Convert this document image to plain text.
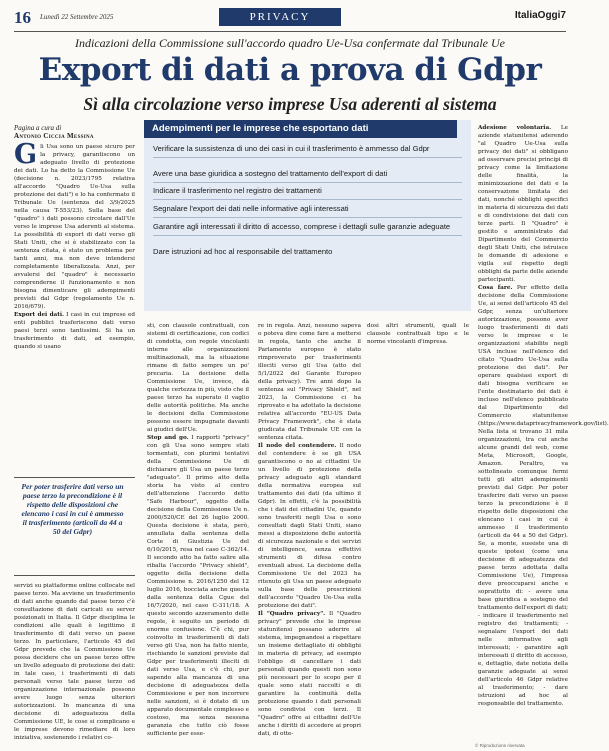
16 Lunedì 22 Settembre 2025	PRIVACY	ItaliaOggi7
Indicazioni della Commissione sull'accordo quadro Ue-Usa confermate dal Tribunale Ue
Export di dati a prova di Gdpr
Sì alla circolazione verso imprese Usa aderenti al sistema
Pagina a cura di
Antonio Ciccia Messina

Gli Usa sono un paese sicuro per la privacy, garantiscono un adeguato livello di protezione dei dati. Lo ha detto la Commissione Ue (decisione n. 2023/1795 relativa all'accordo "Quadro Ue-Usa sulla protezione dei dati") e lo ha confermato il Tribunale Ue (sentenza del 3/9/2025 nella causa T-553/23). Sulla base del "quadro" i dati possono circolare dall'Ue verso le imprese Usa aderenti al sistema. La possibilità di export di dati verso gli Stati Uniti, che si è stabilizzato con la sentenza citata, è stato un problema per tanti anni, ma non deve intendersi completamente liberalizzata. Anzi, per avvalersi del "quadro" è necessario comprenderne il funzionamento e non bisogna dimenticare gli adempimenti previsti dal Gdpr (regolamento Ue n. 2016/679).

Export dei dati. I casi in cui imprese ed enti pubblici trasferiscono dati verso paesi terzi sono tantissimi. Si ha un trasferimento di dati, ad esempio, quando si usano

Per poter trasferire dati verso un paese terzo la precondizione è il rispetto delle disposizioni che elencano i casi in cui è ammesso il trasferimento (articoli da 44 a 50 del Gdpr)

servizi su piattaforme online collocate nel paese terzo. Ma avviene un trasferimento di dati anche quando dal paese terzo c'è consultazione di dati caricati su server posizionati in Italia. Il Gdpr disciplina le condizioni alle quali è legittimo il trasferimento di dati verso un paese terzo. In particolare, l'articolo 45 del Gdpr prevede che la Commissione Ue possa decidere che un paese terzo offre un livello adeguato di protezione dei dati: in tale caso, i trasferimenti di dati personali verso tale paese terzo od organizzazione internazionale possono avere luogo senza ulteriori autorizzazioni. In mancanza di una decisione di adeguatezza della Commissione UE, le cose si complicano e le imprese devono rimediare di loro iniziativa, sostenendo i relativi co-

Adempimenti per le imprese che esportano dati
Verificare la sussistenza di uno dei casi in cui il trasferimento è ammesso dal Gdpr
Avere una base giuridica a sostegno del trattamento dell'export di dati
Indicare il trasferimento nel registro dei trattamenti
Segnalare l'export dei dati nelle informative agli interessati
Garantire agli interessati il diritto di accesso, comprese i dettagli sulle garanzie adeguate
Dare istruzioni ad hoc al responsabile del trattamento

sti, con clausole contrattuali, con sistemi di certificazione, con codici di condotta, con regole vincolanti interne alle organizzazioni multinazionali, ma la situazione rimane di fatto sempre un po' precaria. La decisione della Commissione Ue, invece, dà qualche certezza in più, visto che il paese terzo ha superato il vaglio delle autorità politiche. Ma anche le decisioni della Commissione possono essere impugnate davanti ai giudici dell'Ue.

Stop and go. I rapporti "privacy" con gli Usa sono sempre stati tormentati, con plurimi tentativi della Commissione Ue di dichiarare gli Usa un paese terzo "adeguato". Il primo atto della storia ha visto al centro dell'attenzione l'accordo detto "Safe Harbour", oggetto della decisione della Commissione Ue n. 2000/520/CE del 26 luglio 2000. Questa decisione è stata, però, annullata dalla sentenza della Corte di Giustizia Ue del 6/10/2015, resa nel caso C-362/14. Il secondo atto ha fatto salire alla ribalta l'accordo "Privacy shield", oggetto della decisione della Commissione n. 2016/1250 del 12 luglio 2016, bocciata anche questa dalla sentenza della Cgue del 16/7/2020, nel caso C-311/18. A questo secondo azzeramento delle regole, è seguito un periodo di enorme confusione. C'è chi, pur coinvolto in trasferimenti di dati verso gli Usa, non ha fatto niente, rischiando le sanzioni previste dal Gdpr per trasferimenti illeciti di dati verso Usa, e c'è chi, pur sapendo alla mancanza di una decisione di adeguatezza della Commissione e per non incorrere nelle sanzioni, si è dotato di un apparato documentale complesso e costoso, ma senza nessuna garanzia che tutto ciò fosse sufficiente per esse-

re in regola. Anzi, nessuno sapeva o poteva dire come fare a mettersi in regola, tanto che anche il Parlamento europeo è stato rimproverato per trasferimenti illeciti verso gli Usa (atto del 5/1/2022 del Garante Europeo della privacy). Tre anni dopo la sentenza sul "Privacy Shield", nel 2023, la Commissione ci ha riprovato e ha adottato la decisione relativa all'accordo "EU-US Data Privacy Framework", che è stata giudicata dal Tribunale UE con la sentenza citata.

Il nodo del contendere. Il nodo del contendere è se gli USA garantiscono o no ai cittadini Ue un livello di protezione della privacy adeguato agli standard della normativa europea sul trattamento dei dati (da ultimo il Gdpr). In effetti, c'è la possibilità che i dati dei cittadini Ue, quando sono trasferiti negli Usa o sono consultati dagli Stati Uniti, siano messi a disposizione delle autorità di sicurezza nazionale e dei servizi di intelligence, senza effettivi strumenti di difesa contro eventuali abusi. La decisione della Commissione Ue del 2023 ha ritenuto gli Usa un paese adeguato sulla base delle prescrizioni dell'accordo "Quadro Ue-Usa sulla protezione dei dati".

Il "Quadro privacy". Il "Quadro privacy" prevede che le imprese statunitensi possano aderire al sistema, impegnandosi a rispettare un insieme dettagliato di obblighi in materia di privacy, ad esempio l'obbligo di cancellare i dati personali quando questi non sono più necessari per lo scopo per il quale sono stati raccolti e di garantire la continuità della protezione quando i dati personali sono condivisi con terzi. Il "Quadro" offre ai cittadini dell'Ue anche i diritti di accedere ai propri dati, di otte-

dosi altri strumenti, quali le clausole contrattuali tipo e le norme vincolanti d'impresa.

Adesione volontaria. Le aziende statunitensi aderendo "al Quadro Ue-Usa sulla privacy dei dati" si obbligano ad osservare precisi principi di privacy come la limitazione delle finalità, la minimizzazione dei dati e la conservazione limitata dei dati, nonché obblighi specifici in materia di sicurezza dei dati e di condivisione dei dati con terze parti. Il "Quadro" è gestito e amministrato dal Dipartimento del Commercio degli Stati Uniti, che istruisce le domande di adesione e vigila sul rispetto degli obblighi da parte delle aziende partecipanti.

Cosa fare. Per effetto della decisione della Commissione Ue, ai sensi dell'articolo 45 del Gdpr, senza un'ulteriore autorizzazione, possono aver luogo trasferimenti di dati verso le imprese e le organizzazioni stabilite negli USA incluse nell'elenco del citato "Quadro Ue-Usa sulla protezione dei dati". Per operare qualsiasi export di dati bisogna verificare se l'ente destinatario dei dati è incluso nell'elenco pubblicato dal Dipartimento del Commercio statunitense (https://www.dataprivacyframework.gov/list). Nella lista si trovano 31 mila organizzazioni, tra cui anche alcune grandi del web, come Meta, Microsoft, Google, Amazon. Peraltro, va sottolineato comunque fermi tutti gli altri adempimenti previsti dal Gdpr. Per poter trasferire dati verso un paese terzo la precondizione è il rispetto delle disposizioni che elencano i casi in cui è ammesso il trasferimento (articoli da 44 a 50 del Gdpr). Se, a monte, sussiste una di queste ipotesi (come una decisione di adeguatezza del paese terzo adottata dalla Commissione Ue), l'impresa deve preoccuparsi anche e soprattutto di: - avere una base giuridica a sostegno del trattamento dell'export di dati; - indicare il trasferimento nel registro dei trattamenti; - segnalare l'export dei dati nelle informative agli interessati; - garantire agli interessati il diritto di accesso, e, dettaglio, date notizia della garanzie adeguate ai sensi dell'articolo 46 Gdpr relative al trasferimento; - dare istruzioni ad hoc al responsabile del trattamento.

© Riproduzione riservata
